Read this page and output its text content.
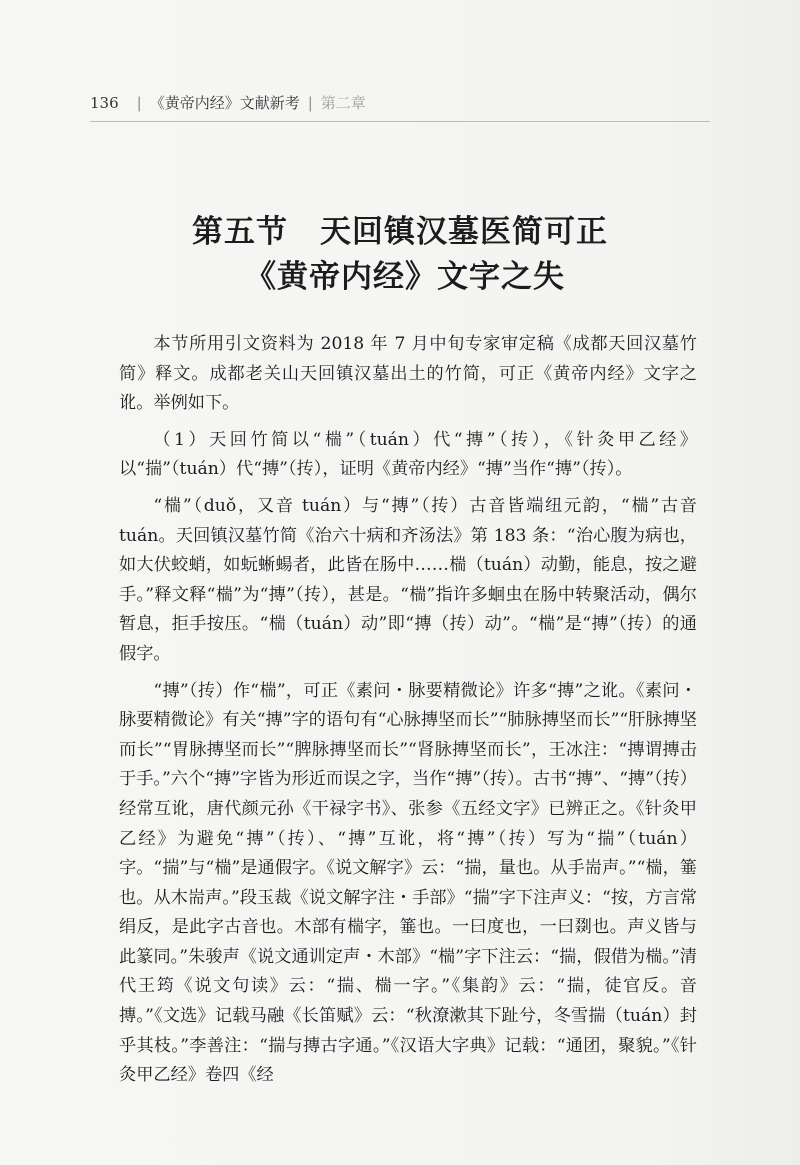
136 | 《黄帝内经》文献新考 | 第二章
第五节　天回镇汉墓医简可正

《黄帝内经》文字之失

本节所用引文资料为 2018 年 7 月中旬专家审定稿《成都天回汉墓竹简》释文。成都老关山天回镇汉墓出土的竹简，可正《黄帝内经》文字之讹。举例如下。

（1）天回竹简以“椯”（tuán）代“摶”（抟），《针灸甲乙经》以“揣”（tuán）代“摶”（抟），证明《黄帝内经》“摶”当作“摶”（抟）。

“椯”（duǒ，又音 tuán）与“摶”（抟）古音皆端纽元韵，“椯”古音 tuán。天回镇汉墓竹简《治六十病和齐汤法》第 183 条：“治心腹为病也，如大伏蛟蛸，如蚖蜥蝪者，此皆在肠中……椯（tuán）动勤，能息，按之避手。”释文释“椯”为“摶”（抟），甚是。“椯”指许多蛔虫在肠中转聚活动，偶尔暂息，拒手按压。“椯（tuán）动”即“摶（抟）动”。“椯”是“摶”（抟）的通假字。

“摶”（抟）作“椯”，可正《素问・脉要精微论》许多“摶”之讹。《素问・脉要精微论》有关“摶”字的语句有“心脉摶坚而长”“肺脉摶坚而长”“肝脉摶坚而长”“胃脉摶坚而长”“脾脉摶坚而长”“肾脉摶坚而长”，王冰注：“摶谓摶击于手。”六个“摶”字皆为形近而误之字，当作“摶”（抟）。古书“摶”、“摶”（抟）经常互讹，唐代颜元孙《干禄字书》、张参《五经文字》已辨正之。《针灸甲乙经》为避免“摶”（抟）、“摶”互讹，将“摶”（抟）写为“揣”（tuán）字。“揣”与“椯”是通假字。《说文解字》云：“揣，量也。从手耑声。”“椯，箠也。从木耑声。”段玉裁《说文解字注・手部》“揣”字下注声义：“按，方言常绢反，是此字古音也。木部有椯字，箠也。一曰度也，一曰剟也。声义皆与此篆同。”朱骏声《说文通训定声・木部》“椯”字下注云：“揣，假借为椯。”清代王筠《说文句读》云：“揣、椯一字。”《集韵》云：“揣，徒官反。音摶。”《文选》记载马融《长笛赋》云：“秋潦漱其下趾兮，冬雪揣（tuán）封乎其枝。”李善注：“揣与摶古字通。”《汉语大字典》记载：“通团，聚貌。”《针灸甲乙经》卷四《经
